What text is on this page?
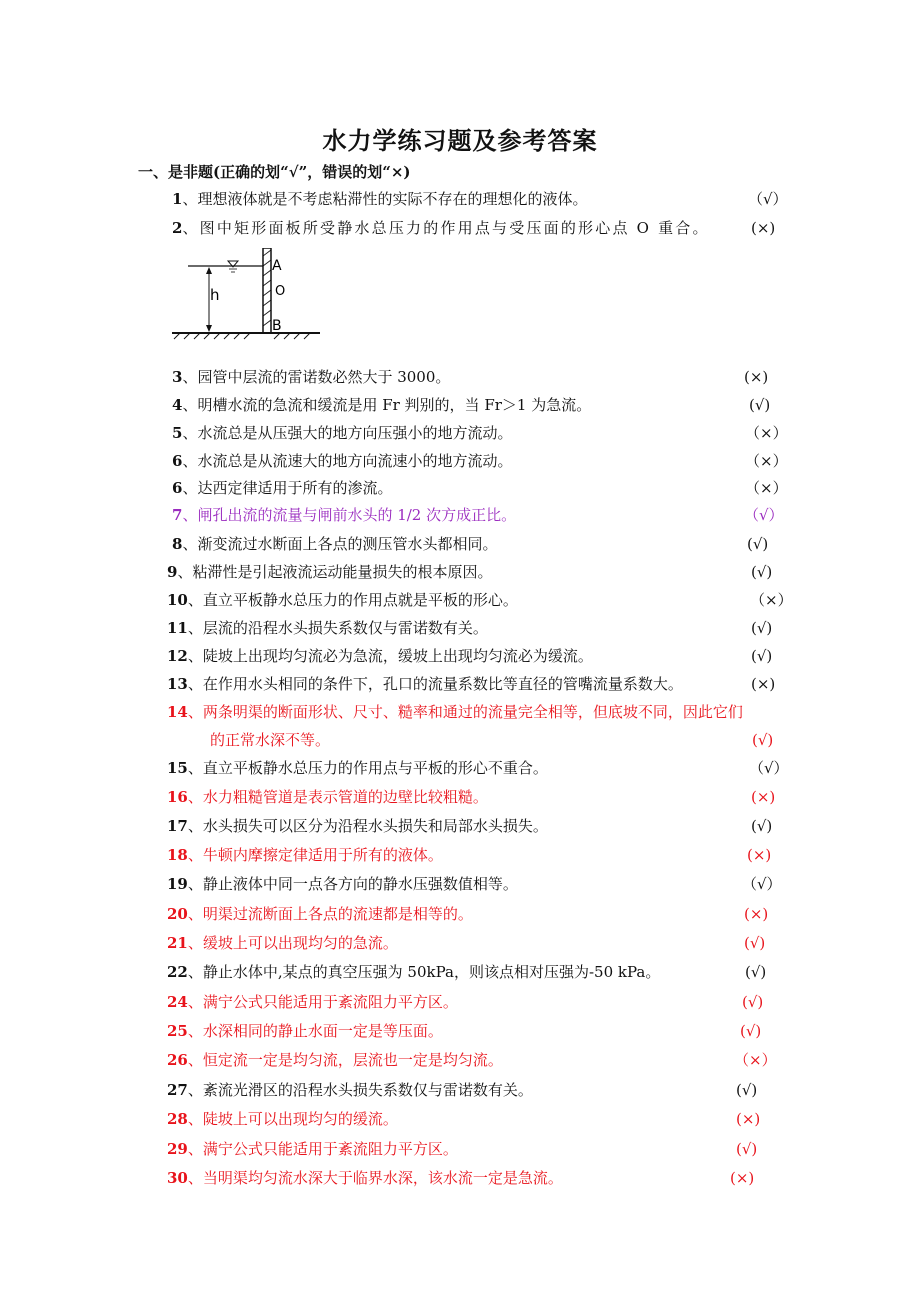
水力学练习题及参考答案
一、是非题(正确的划“√”，错误的划“×)
h
A
O
B
1、理想液体就是不考虑粘滞性的实际不存在的理想化的液体。	（√）
2、图中矩形面板所受静水总压力的作用点与受压面的形心点 O 重合。	(×)
3、园管中层流的雷诺数必然大于 3000。	(×)
4、明槽水流的急流和缓流是用 Fr 判别的，当 Fr＞1 为急流。	(√)
5、水流总是从压强大的地方向压强小的地方流动。	（×）
6、水流总是从流速大的地方向流速小的地方流动。	（×）
6、达西定律适用于所有的渗流。	（×）
7、闸孔出流的流量与闸前水头的 1/2 次方成正比。	（√）
8、渐变流过水断面上各点的测压管水头都相同。	(√)
9、粘滞性是引起液流运动能量损失的根本原因。	(√)
10、直立平板静水总压力的作用点就是平板的形心。	（×）
11、层流的沿程水头损失系数仅与雷诺数有关。	(√)
12、陡坡上出现均匀流必为急流，缓坡上出现均匀流必为缓流。	(√)
13、在作用水头相同的条件下，孔口的流量系数比等直径的管嘴流量系数大。	(×)
14、两条明渠的断面形状、尺寸、糙率和通过的流量完全相等，但底坡不同，因此它们
的正常水深不等。	(√)
15、直立平板静水总压力的作用点与平板的形心不重合。	（√）
16、水力粗糙管道是表示管道的边壁比较粗糙。	(×)
17、水头损失可以区分为沿程水头损失和局部水头损失。	(√)
18、牛顿内摩擦定律适用于所有的液体。	(×)
19、静止液体中同一点各方向的静水压强数值相等。	（√）
20、明渠过流断面上各点的流速都是相等的。	(×)
21、缓坡上可以出现均匀的急流。	(√)
22、静止水体中,某点的真空压强为 50kPa，则该点相对压强为-50 kPa。	(√)
24、满宁公式只能适用于紊流阻力平方区。	(√)
25、水深相同的静止水面一定是等压面。	(√)
26、恒定流一定是均匀流，层流也一定是均匀流。	（×）
27、紊流光滑区的沿程水头损失系数仅与雷诺数有关。	(√)
28、陡坡上可以出现均匀的缓流。	(×)
29、满宁公式只能适用于紊流阻力平方区。	(√)
30、当明渠均匀流水深大于临界水深，该水流一定是急流。	(×)
